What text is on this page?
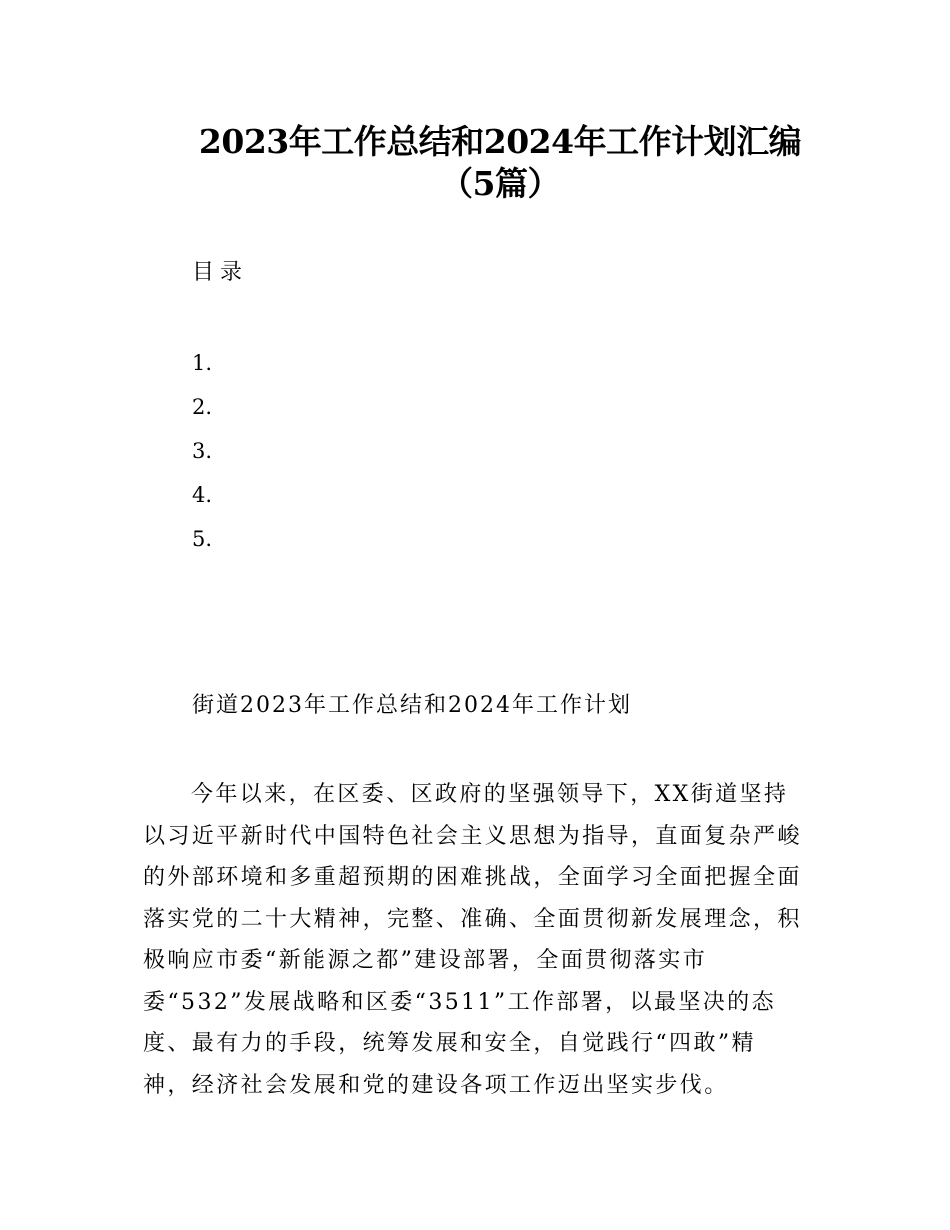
2023年工作总结和2024年工作计划汇编
（5篇）
目录
1.
2.
3.
4.
5.
街道2023年工作总结和2024年工作计划

今年以来，在区委、区政府的坚强领导下，XX街道坚持
以习近平新时代中国特色社会主义思想为指导，直面复杂严峻
的外部环境和多重超预期的困难挑战，全面学习全面把握全面
落实党的二十大精神，完整、准确、全面贯彻新发展理念，积
极响应市委“新能源之都”建设部署，全面贯彻落实市
委“532”发展战略和区委“3511”工作部署，以最坚决的态
度、最有力的手段，统筹发展和安全，自觉践行“四敢”精
神，经济社会发展和党的建设各项工作迈出坚实步伐。
